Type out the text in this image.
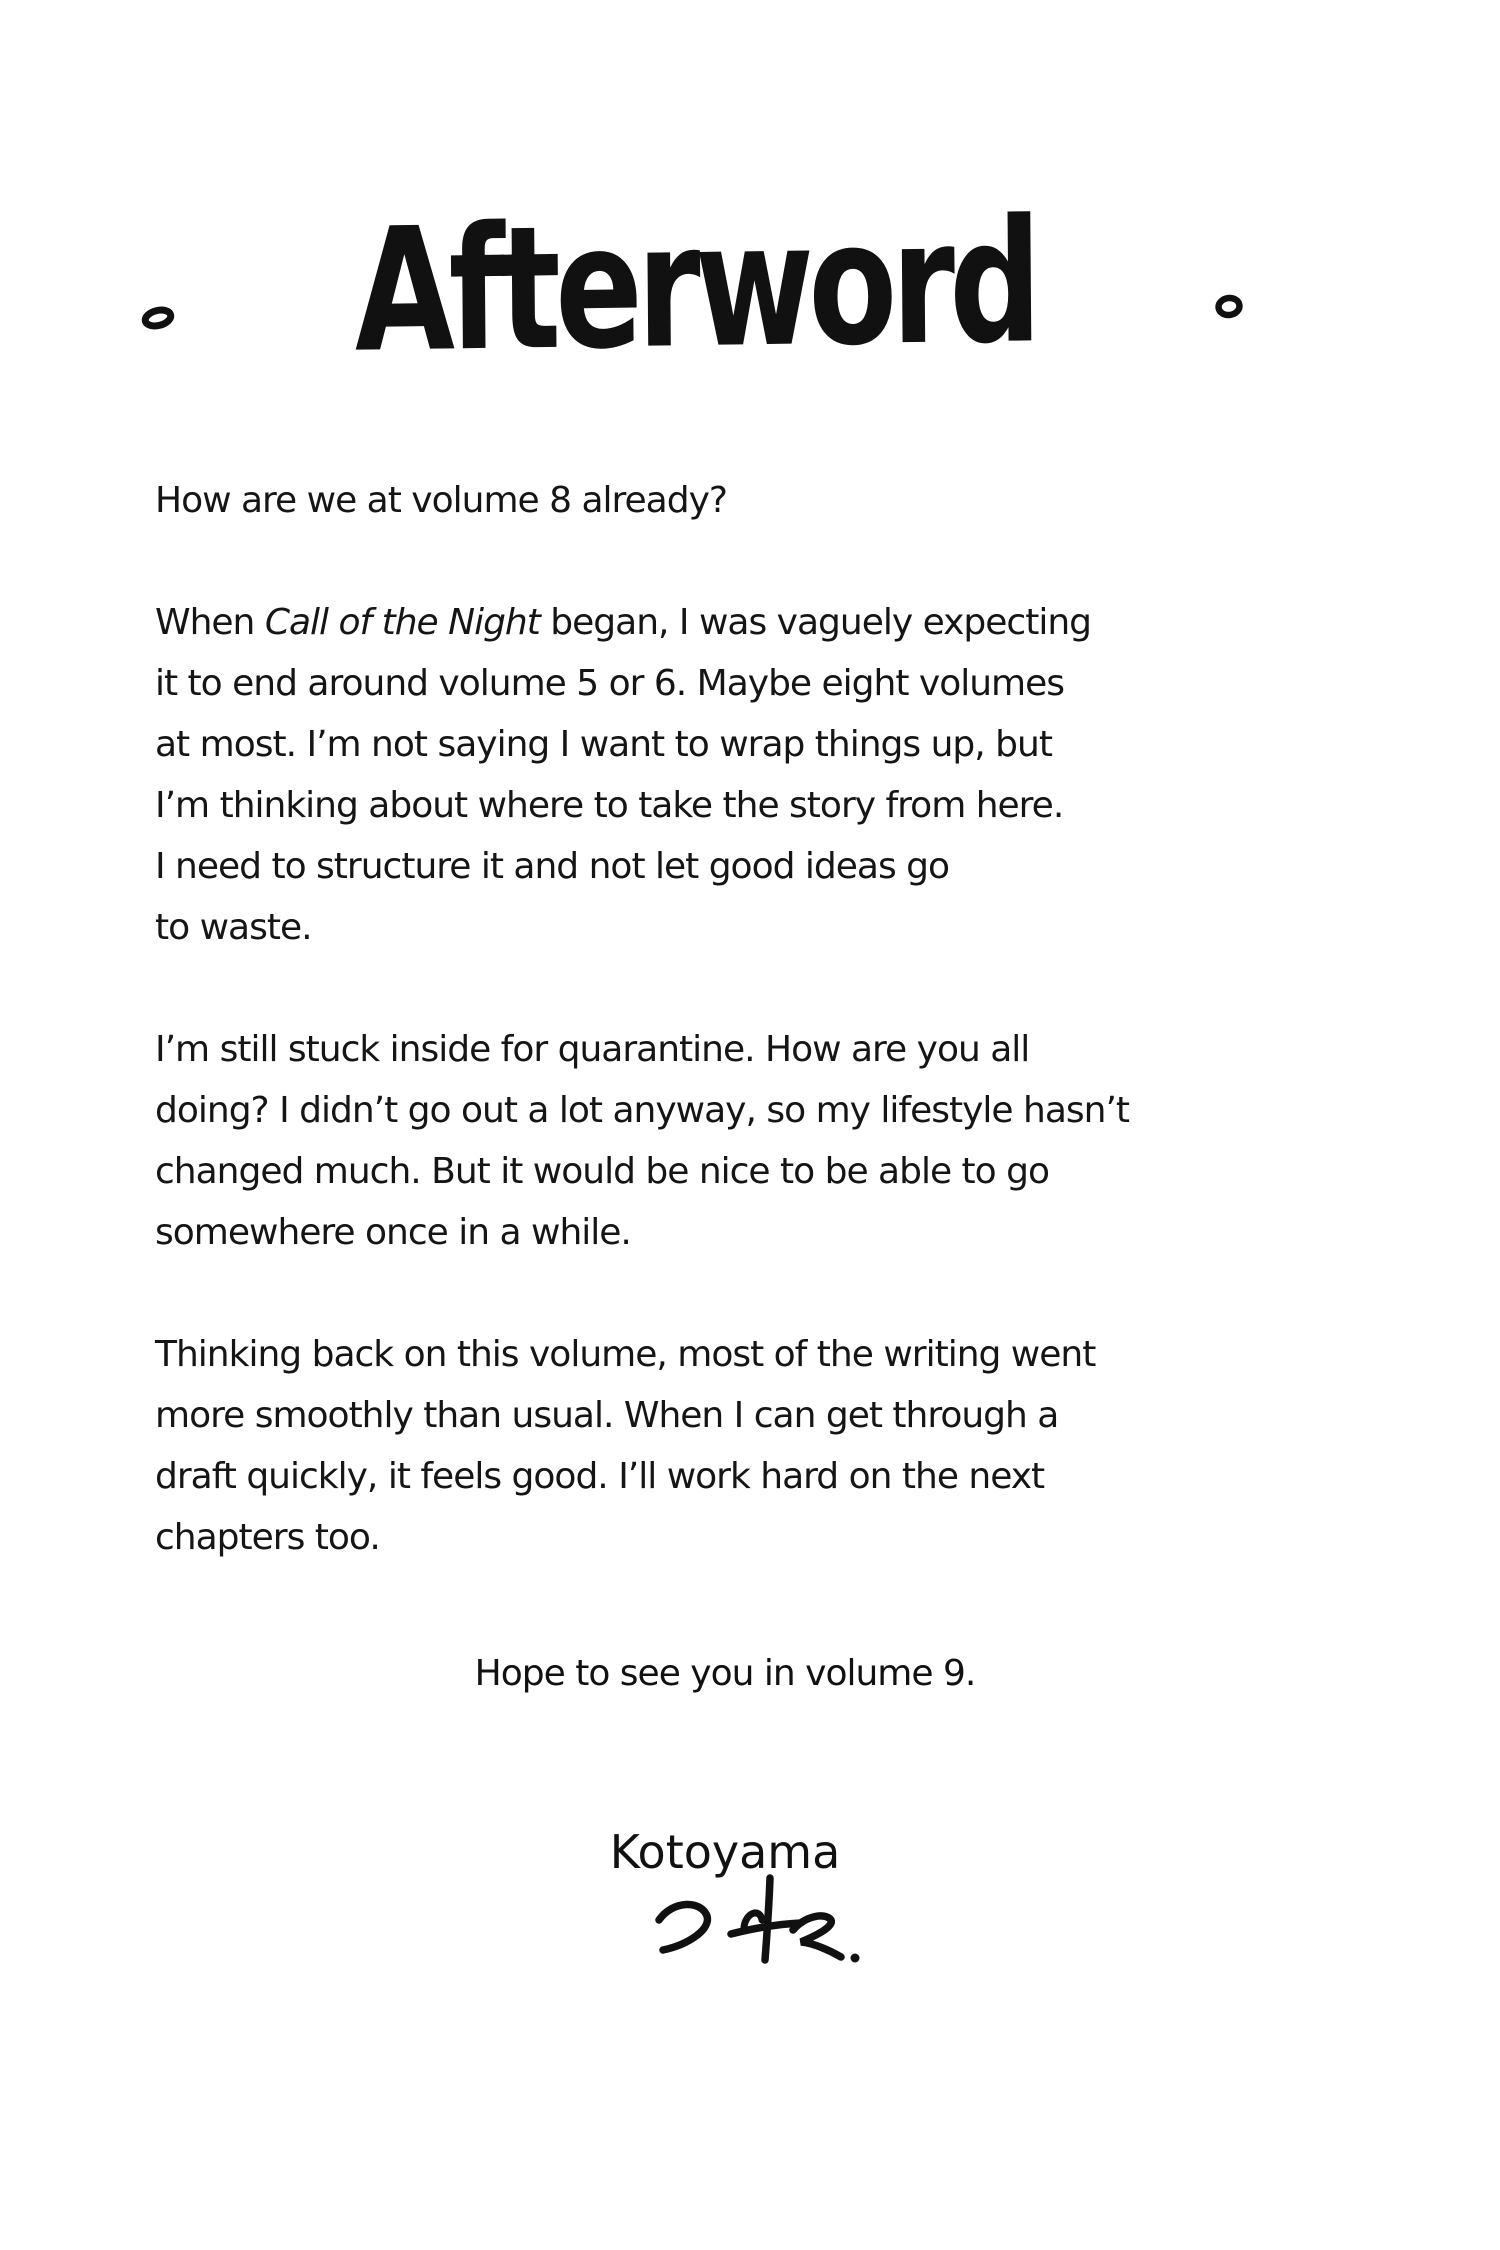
Afterword

How are we at volume 8 already?

When Call of the Night began, I was vaguely expecting
it to end around volume 5 or 6. Maybe eight volumes
at most. I’m not saying I want to wrap things up, but
I’m thinking about where to take the story from here.
I need to structure it and not let good ideas go
to waste.

I’m still stuck inside for quarantine. How are you all
doing? I didn’t go out a lot anyway, so my lifestyle hasn’t
changed much. But it would be nice to be able to go
somewhere once in a while.

Thinking back on this volume, most of the writing went
more smoothly than usual. When I can get through a
draft quickly, it feels good. I’ll work hard on the next
chapters too.

Hope to see you in volume 9.
Kotoyama
